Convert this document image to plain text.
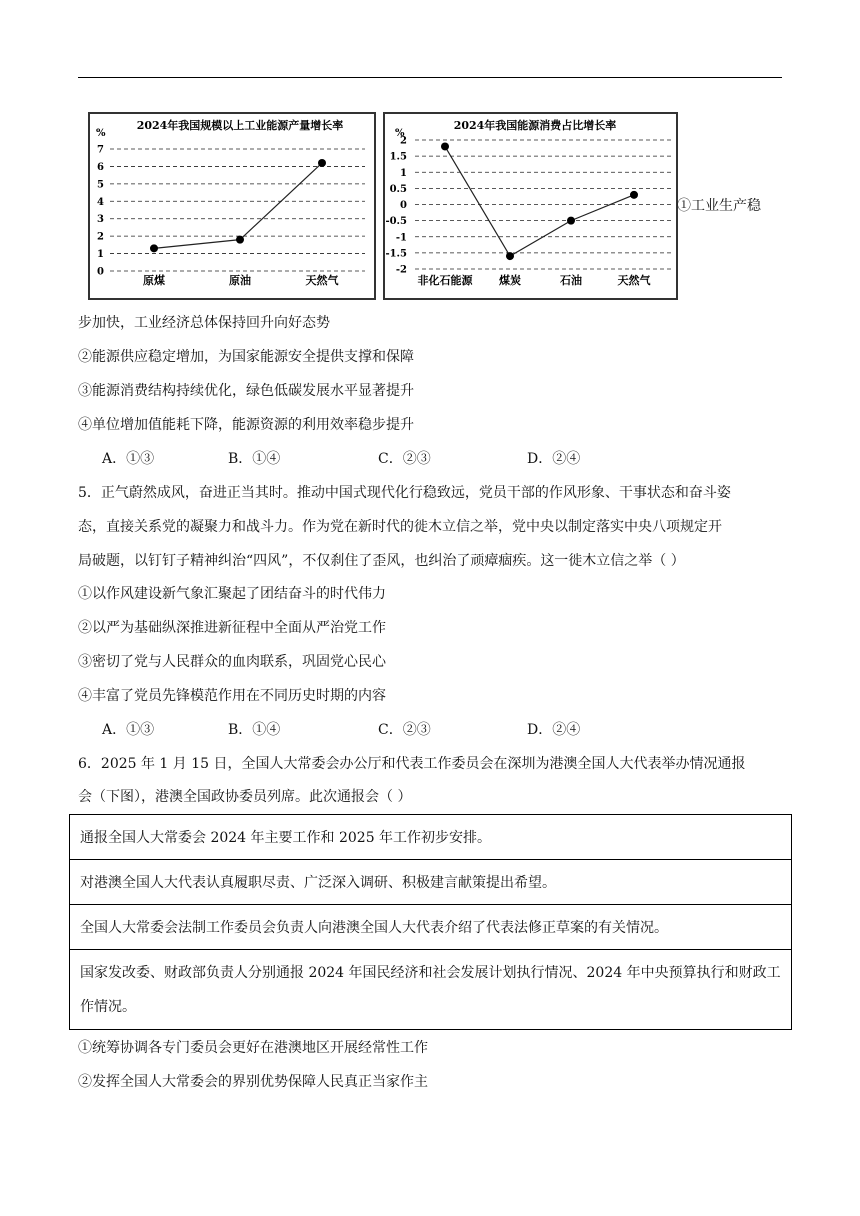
2024年我国规模以上工业能源产量增长率
%
0
1
2
3
4
5
6
7
原煤	原油	天然气
2024年我国能源消费占比增长率
%
-2
-1.5
-1
-0.5
0
0.5
1
1.5
2
非化石能源 煤炭	石油	天然气
①工业生产稳
步加快，工业经济总体保持回升向好态势
②能源供应稳定增加，为国家能源安全提供支撑和保障
③能源消费结构持续优化，绿色低碳发展水平显著提升
④单位增加值能耗下降，能源资源的利用效率稳步提升
A．①③	B．①④	C．②③	D．②④
5．正气蔚然成风，奋进正当其时。推动中国式现代化行稳致远，党员干部的作风形象、干事状态和奋斗姿
态，直接关系党的凝聚力和战斗力。作为党在新时代的徙木立信之举，党中央以制定落实中央八项规定开
局破题，以钉钉子精神纠治“四风”，不仅刹住了歪风，也纠治了顽瘴痼疾。这一徙木立信之举（ ）
①以作风建设新气象汇聚起了团结奋斗的时代伟力
②以严为基础纵深推进新征程中全面从严治党工作
③密切了党与人民群众的血肉联系，巩固党心民心
④丰富了党员先锋模范作用在不同历史时期的内容
A．①③	B．①④	C．②③	D．②④
6．2025 年 1 月 15 日，全国人大常委会办公厅和代表工作委员会在深圳为港澳全国人大代表举办情况通报
会（下图），港澳全国政协委员列席。此次通报会（ ）
通报全国人大常委会 2024 年主要工作和 2025 年工作初步安排。
对港澳全国人大代表认真履职尽责、广泛深入调研、积极建言献策提出希望。
全国人大常委会法制工作委员会负责人向港澳全国人大代表介绍了代表法修正草案的有关情况。
国家发改委、财政部负责人分别通报 2024 年国民经济和社会发展计划执行情况、2024 年中央预算执行和财政工作情况。
①统筹协调各专门委员会更好在港澳地区开展经常性工作
②发挥全国人大常委会的界别优势保障人民真正当家作主
